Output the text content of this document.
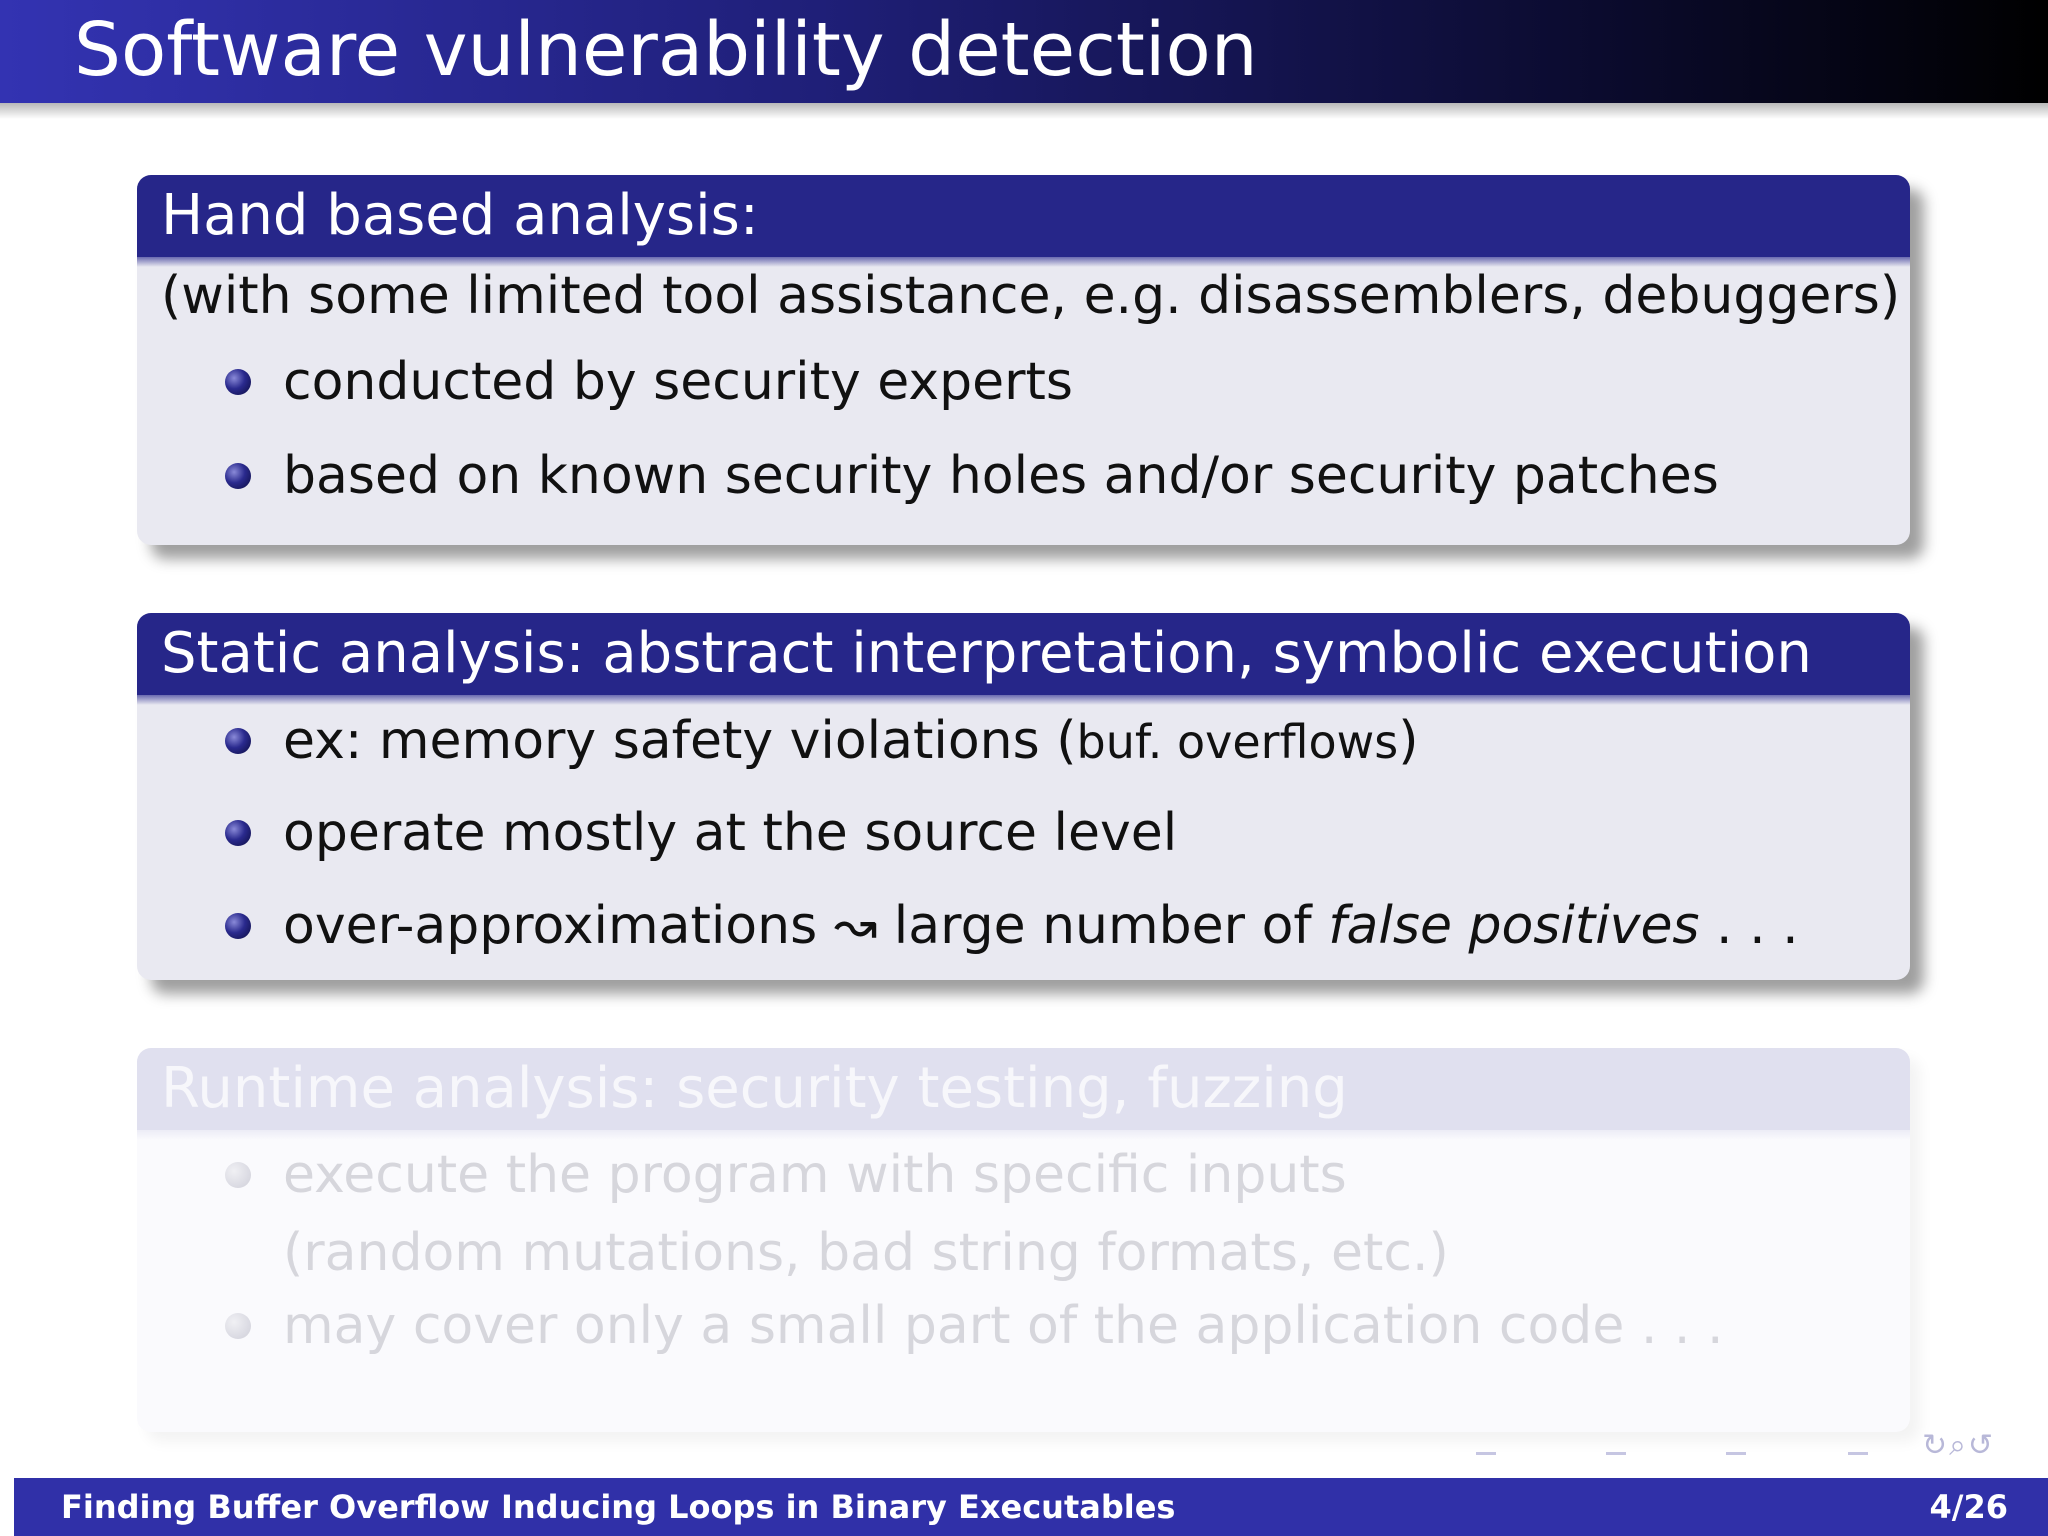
Software vulnerability detection
Hand based analysis:
(with some limited tool assistance, e.g. disassemblers, debuggers)
conducted by security experts
based on known security holes and/or security patches
Static analysis: abstract interpretation, symbolic execution
ex: memory safety violations (buf. overflows)
operate mostly at the source level
over-approximations ↝ large number of false positives . . .
Runtime analysis: security testing, fuzzing
execute the program with specific inputs
(random mutations, bad string formats, etc.)
may cover only a small part of the application code . . .
↻⌕↺
Finding Buffer Overflow Inducing Loops in Binary Executables	4/26
